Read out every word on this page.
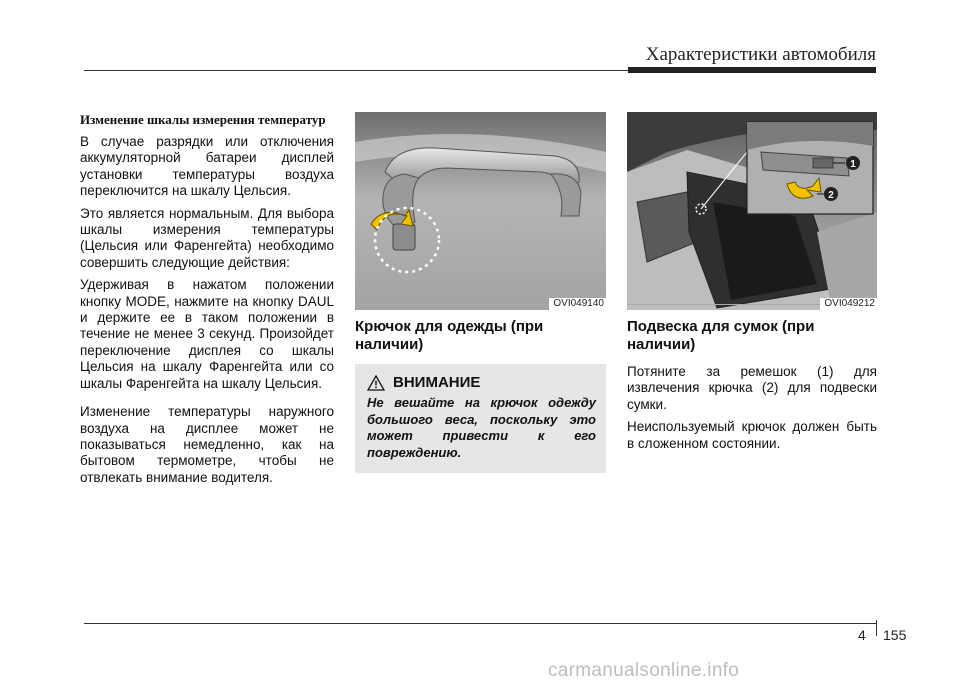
Характеристики автомобиля
Изменение шкалы измерения температур

В случае разрядки или отключения аккумуляторной батареи дисплей установки температуры воздуха переключится на шкалу Цельсия.

Это является нормальным. Для выбора шкалы измерения температуры (Цельсия или Фаренгейта) необходимо совершить следующие действия:

Удерживая в нажатом положении кнопку MODE, нажмите на кнопку DAUL и держите ее в таком положении в течение не менее 3 секунд. Произойдет переключение дисплея со шкалы Цельсия на шкалу Фаренгейта или со шкалы Фаренгейта на шкалу Цельсия.

Изменение температуры наружного воздуха на дисплее может не показываться немедленно, как на бытовом термометре, чтобы не отвлекать внимание водителя.

OVI049140
Крючок для одежды (при наличии)
ВНИМАНИЕ
Не вешайте на крючок одежду большого веса, поскольку это может привести к его повреждению.
1
2
OVI049212
Подвеска для сумок (при наличии)

Потяните за ремешок (1) для извлечения крючка (2) для подвески сумки.

Неиспользуемый крючок должен быть в сложенном состоянии.

4 155
carmanualsonline.info
